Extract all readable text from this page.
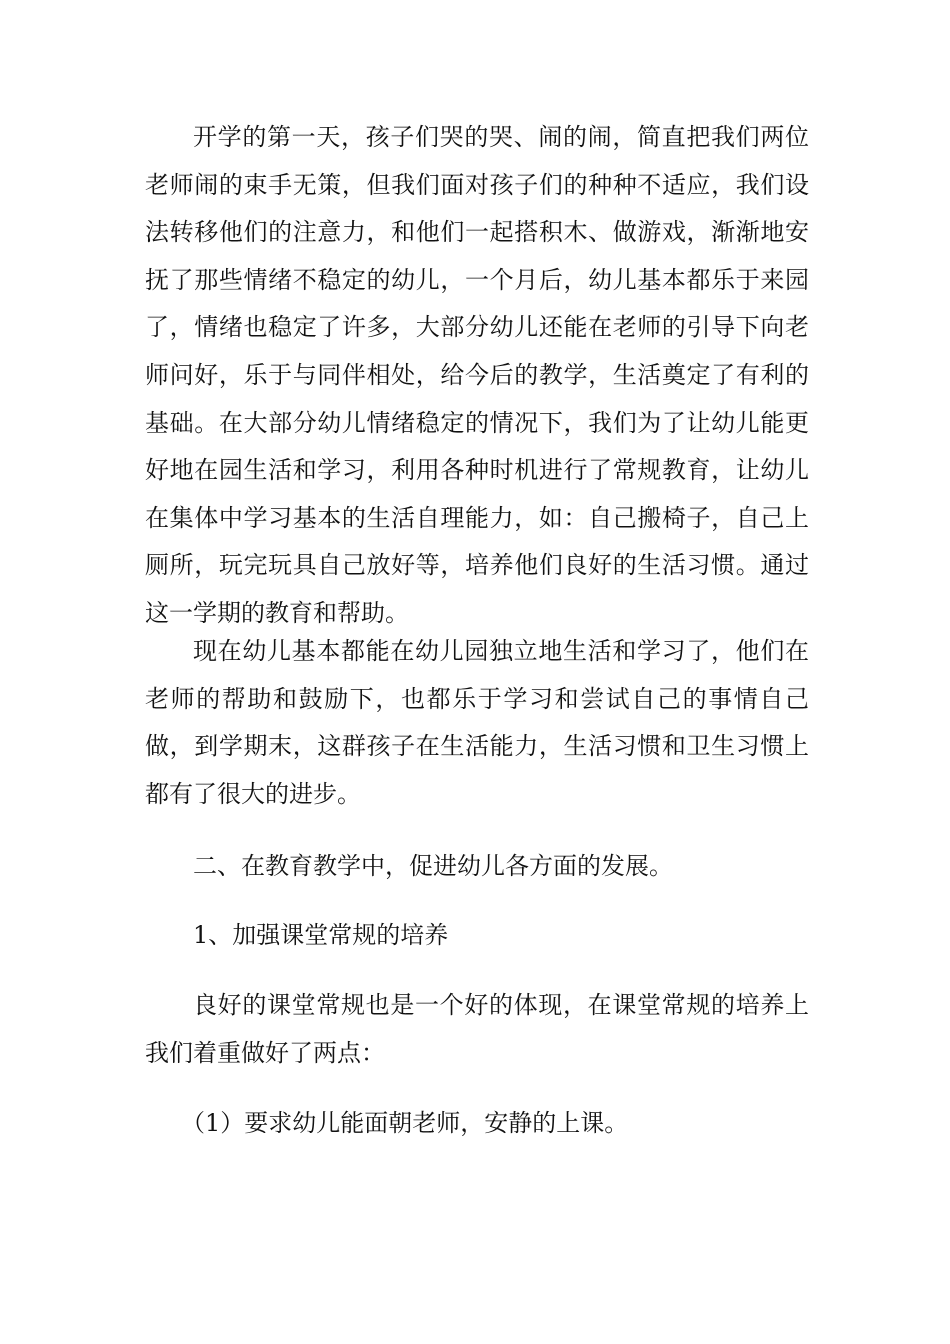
开学的第一天，孩子们哭的哭、闹的闹，简直把我们两位老师闹的束手无策，但我们面对孩子们的种种不适应，我们设法转移他们的注意力，和他们一起搭积木、做游戏，渐渐地安抚了那些情绪不稳定的幼儿，一个月后，幼儿基本都乐于来园了，情绪也稳定了许多，大部分幼儿还能在老师的引导下向老师问好，乐于与同伴相处，给今后的教学，生活奠定了有利的基础。在大部分幼儿情绪稳定的情况下，我们为了让幼儿能更好地在园生活和学习，利用各种时机进行了常规教育，让幼儿在集体中学习基本的生活自理能力，如：自己搬椅子，自己上厕所，玩完玩具自己放好等，培养他们良好的生活习惯。通过这一学期的教育和帮助。

现在幼儿基本都能在幼儿园独立地生活和学习了，他们在老师的帮助和鼓励下，也都乐于学习和尝试自己的事情自己做，到学期末，这群孩子在生活能力，生活习惯和卫生习惯上都有了很大的进步。

二、在教育教学中，促进幼儿各方面的发展。

1、加强课堂常规的培养

良好的课堂常规也是一个好的体现，在课堂常规的培养上我们着重做好了两点：

（1）要求幼儿能面朝老师，安静的上课。
